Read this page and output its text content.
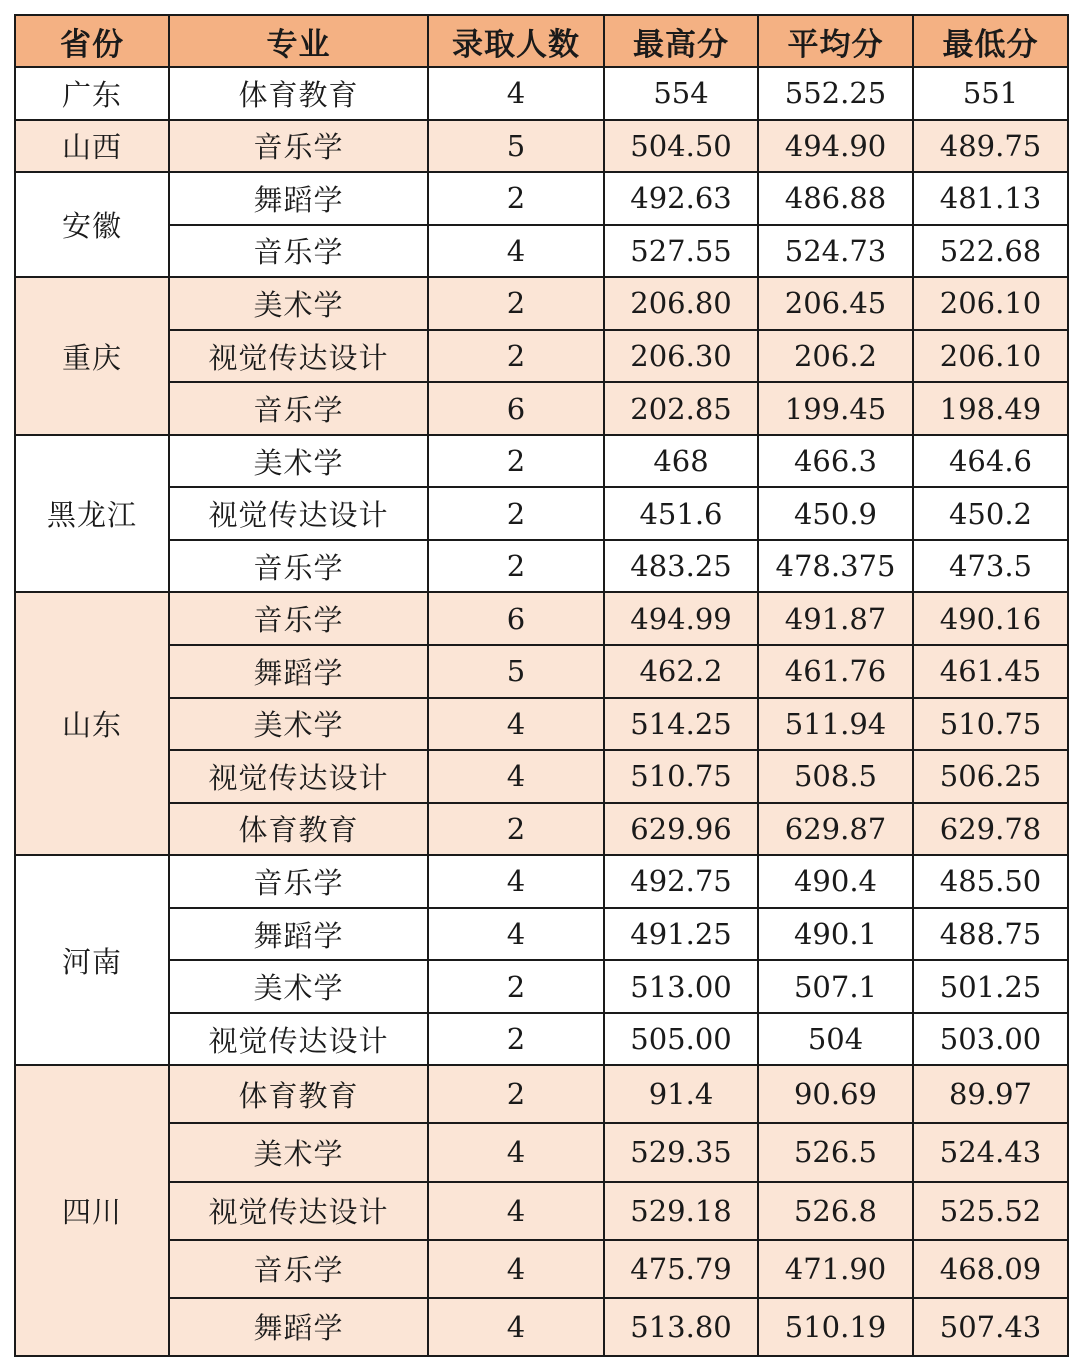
省份	专业	录取人数	最高分	平均分	最低分
广东	体育教育	4	554	552.25	551
山西	音乐学	5	504.50	494.90	489.75
安徽	舞蹈学	2	492.63	486.88	481.13
	音乐学	4	527.55	524.73	522.68
重庆	美术学	2	206.80	206.45	206.10
	视觉传达设计	2	206.30	206.2	206.10
	音乐学	6	202.85	199.45	198.49
黑龙江	美术学	2	468	466.3	464.6
	视觉传达设计	2	451.6	450.9	450.2
	音乐学	2	483.25	478.375	473.5
山东	音乐学	6	494.99	491.87	490.16
	舞蹈学	5	462.2	461.76	461.45
	美术学	4	514.25	511.94	510.75
	视觉传达设计	4	510.75	508.5	506.25
	体育教育	2	629.96	629.87	629.78
河南	音乐学	4	492.75	490.4	485.50
	舞蹈学	4	491.25	490.1	488.75
	美术学	2	513.00	507.1	501.25
	视觉传达设计	2	505.00	504	503.00
四川	体育教育	2	91.4	90.69	89.97
	美术学	4	529.35	526.5	524.43
	视觉传达设计	4	529.18	526.8	525.52
	音乐学	4	475.79	471.90	468.09
	舞蹈学	4	513.80	510.19	507.43
